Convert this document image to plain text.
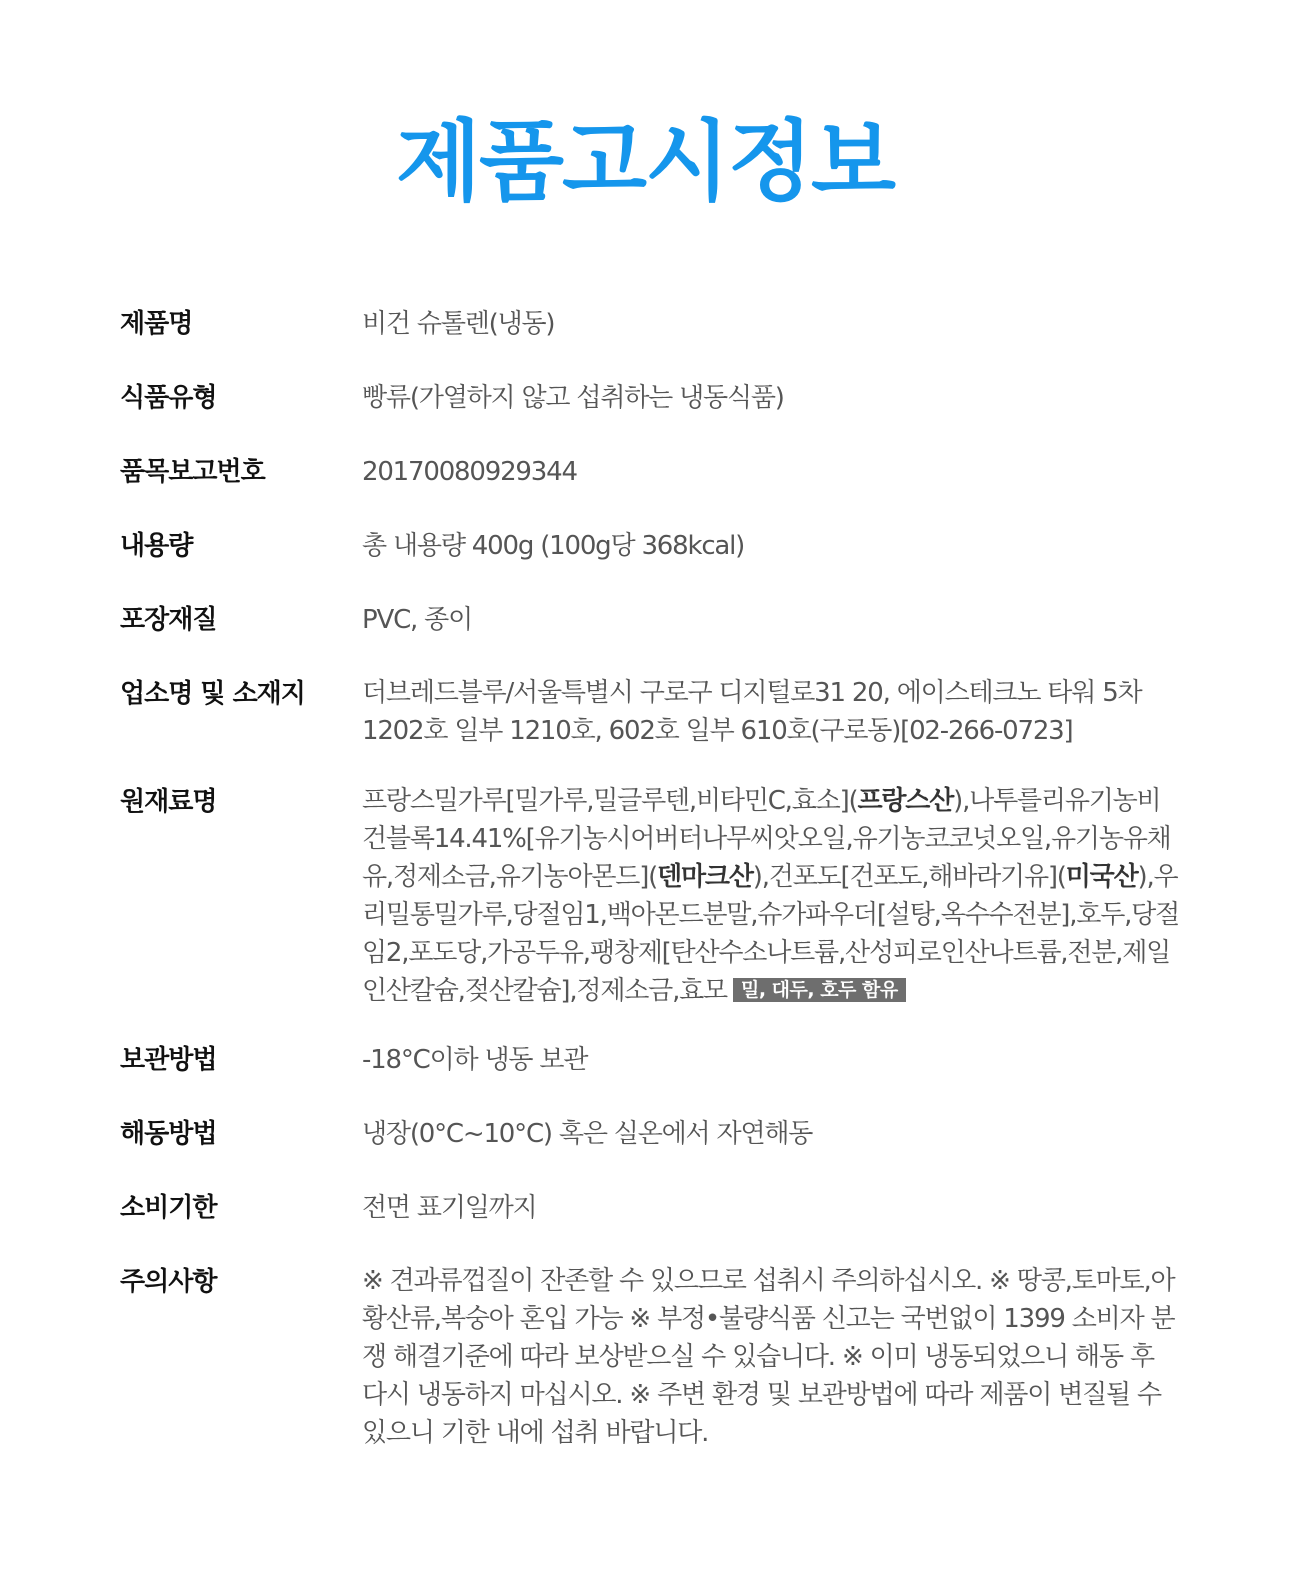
제품고시정보
제품명	비건 슈톨렌(냉동)
식품유형	빵류(가열하지 않고 섭취하는 냉동식품)
품목보고번호	20170080929344
내용량	총 내용량 400g (100g당 368kcal)
포장재질	PVC, 종이
업소명 및 소재지	더브레드블루/서울특별시 구로구 디지털로31 20, 에이스테크노 타워 5차 1202호 일부 1210호, 602호 일부 610호(구로동)[02-266-0723]
원재료명	프랑스밀가루[밀가루,밀글루텐,비타민C,효소](프랑스산),나투를리유기농비건블록14.41%[유기농시어버터나무씨앗오일,유기농코코넛오일,유기농유채유,정제소금,유기농아몬드](덴마크산),건포도[건포도,해바라기유](미국산),우리밀통밀가루,당절임1,백아몬드분말,슈가파우더[설탕,옥수수전분],호두,당절임2,포도당,가공두유,팽창제[탄산수소나트륨,산성피로인산나트륨,전분,제일인산칼슘,젖산칼슘],정제소금,효모 밀, 대두, 호두 함유
보관방법	-18°C이하 냉동 보관
해동방법	냉장(0°C~10°C) 혹은 실온에서 자연해동
소비기한	전면 표기일까지
주의사항	※ 견과류껍질이 잔존할 수 있으므로 섭취시 주의하십시오. ※ 땅콩,토마토,아황산류,복숭아 혼입 가능 ※ 부정•불량식품 신고는 국번없이 1399 소비자 분쟁 해결기준에 따라 보상받으실 수 있습니다. ※ 이미 냉동되었으니 해동 후 다시 냉동하지 마십시오. ※ 주변 환경 및 보관방법에 따라 제품이 변질될 수 있으니 기한 내에 섭취 바랍니다.
